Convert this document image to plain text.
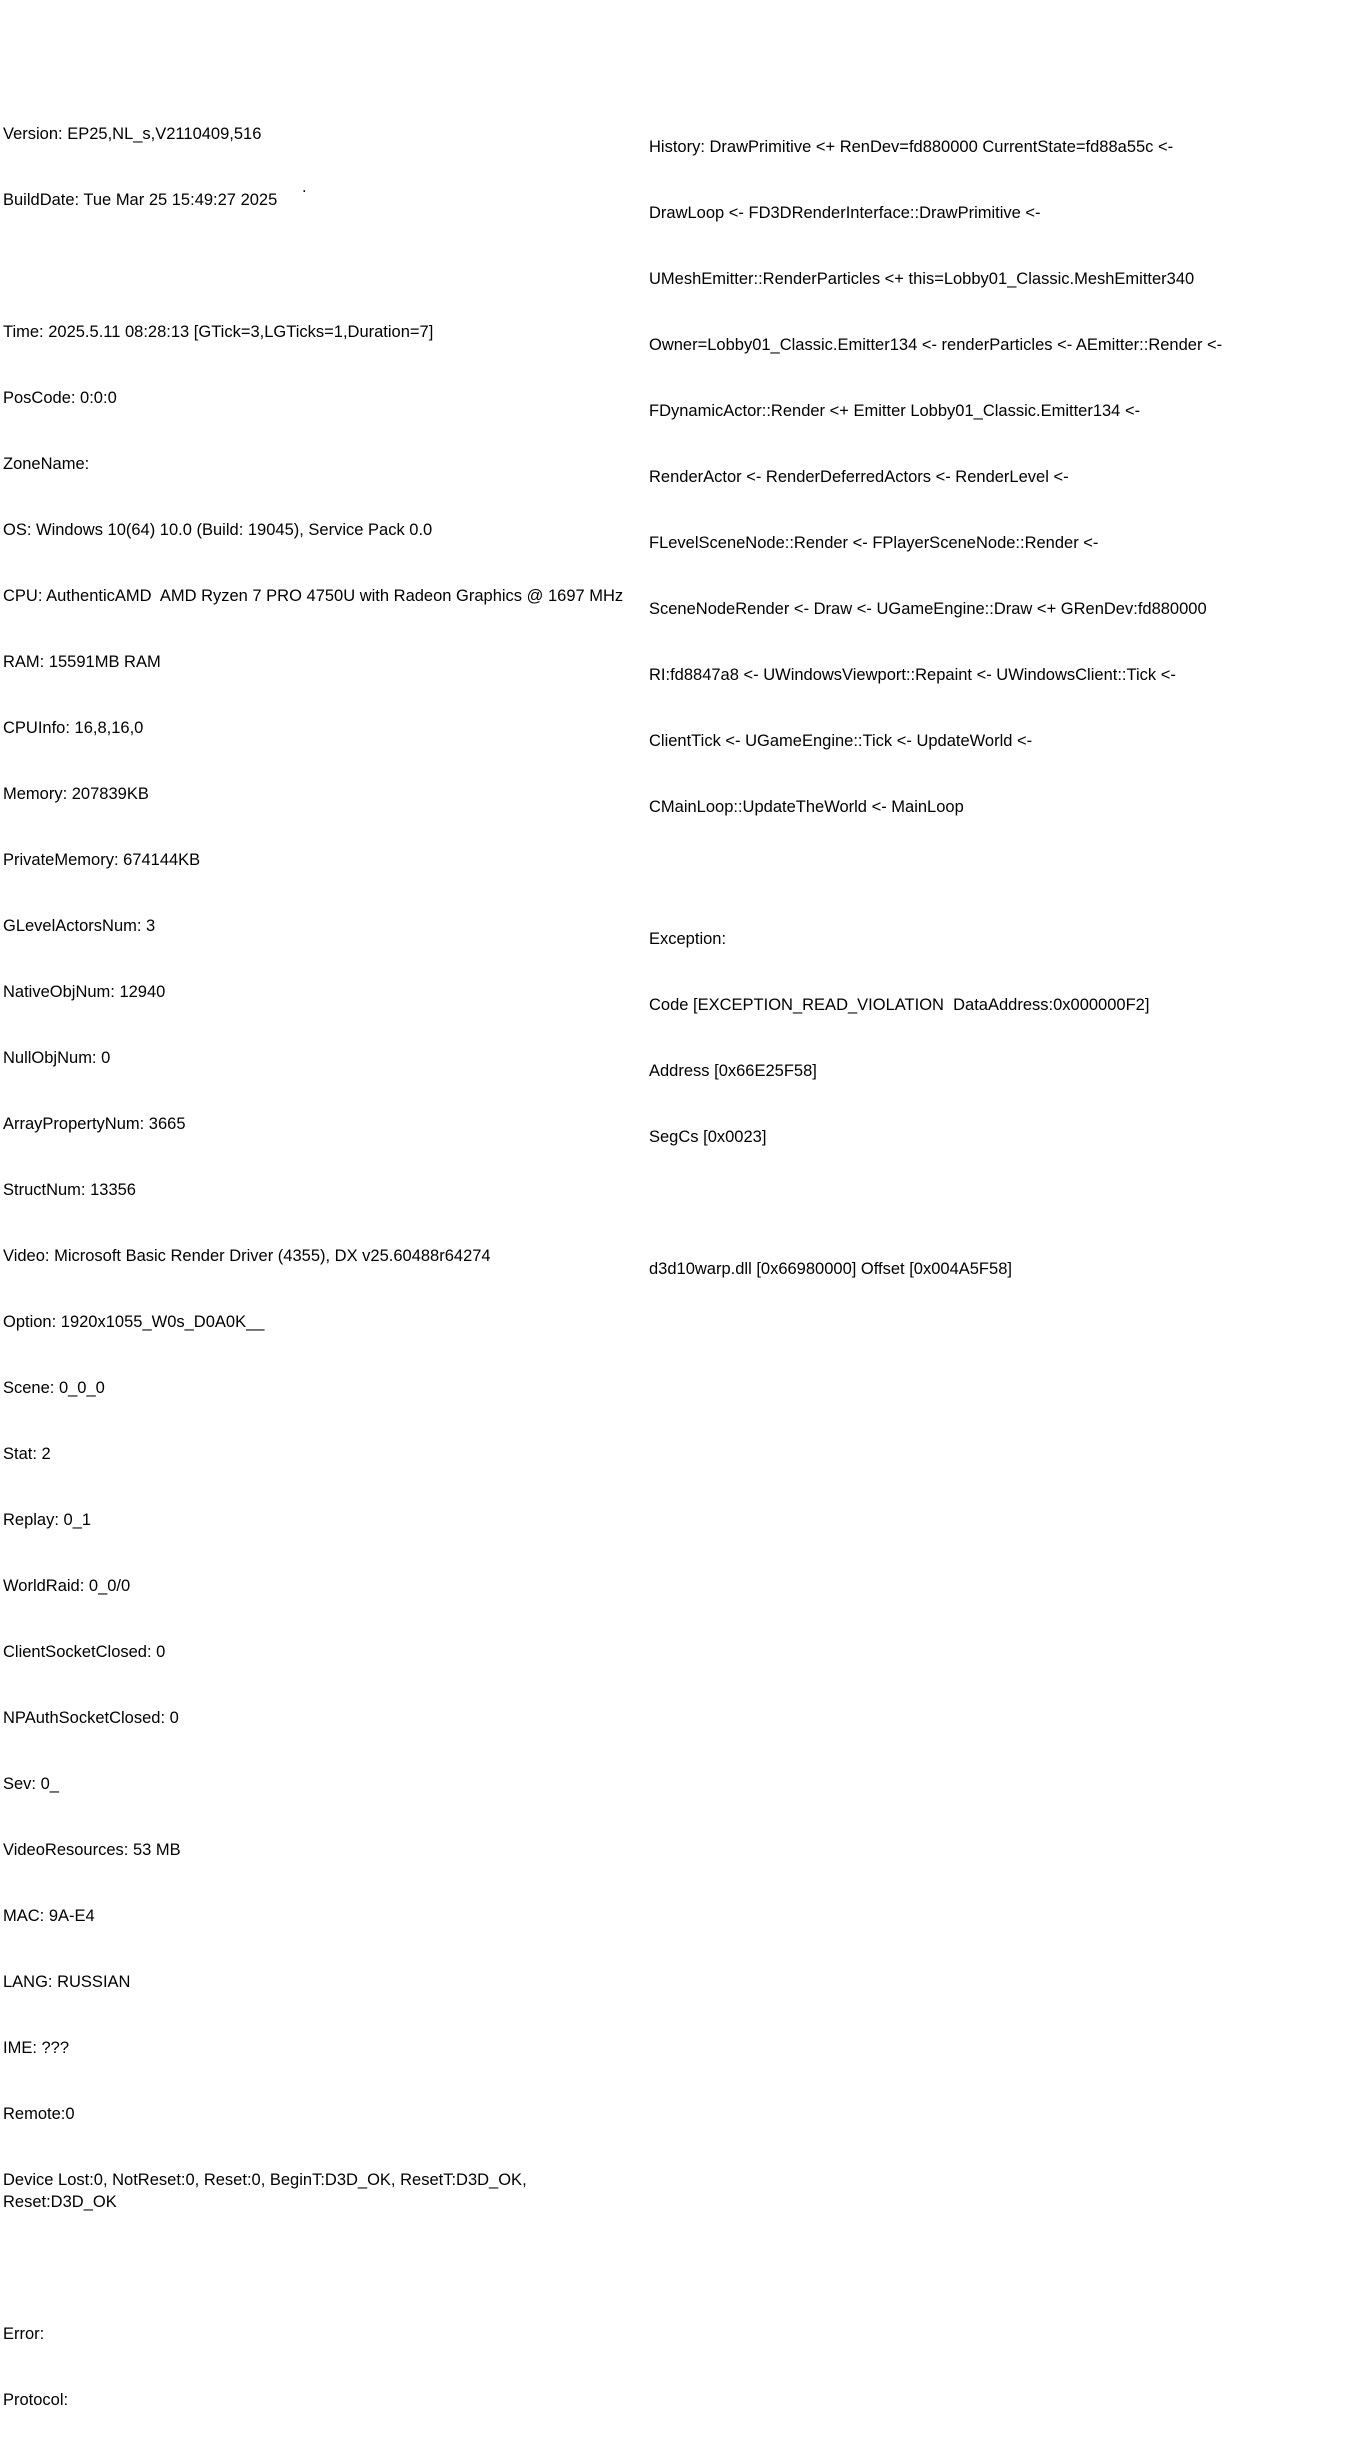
Version: EP25,NL_s,V2110409,516

BuildDate: Tue Mar 25 15:49:27 2025

Time: 2025.5.11 08:28:13 [GTick=3,LGTicks=1,Duration=7]

PosCode: 0:0:0

ZoneName:

OS: Windows 10(64) 10.0 (Build: 19045), Service Pack 0.0

CPU: AuthenticAMD  AMD Ryzen 7 PRO 4750U with Radeon Graphics @ 1697 MHz

RAM: 15591MB RAM

CPUInfo: 16,8,16,0

Memory: 207839KB

PrivateMemory: 674144KB

GLevelActorsNum: 3

NativeObjNum: 12940

NullObjNum: 0

ArrayPropertyNum: 3665

StructNum: 13356

Video: Microsoft Basic Render Driver (4355), DX v25.60488r64274

Option: 1920x1055_W0s_D0A0K__

Scene: 0_0_0

Stat: 2

Replay: 0_1

WorldRaid: 0_0/0

ClientSocketClosed: 0

NPAuthSocketClosed: 0

Sev: 0_

VideoResources: 53 MB

MAC: 9A-E4

LANG: RUSSIAN

IME: ???

Remote:0

Device Lost:0, NotReset:0, Reset:0, BeginT:D3D_OK, ResetT:D3D_OK, Reset:D3D_OK

Error:

Protocol:

.

History: DrawPrimitive <+ RenDev=fd880000 CurrentState=fd88a55c <-

DrawLoop <- FD3DRenderInterface::DrawPrimitive <-

UMeshEmitter::RenderParticles <+ this=Lobby01_Classic.MeshEmitter340

Owner=Lobby01_Classic.Emitter134 <- renderParticles <- AEmitter::Render <-

FDynamicActor::Render <+ Emitter Lobby01_Classic.Emitter134 <-

RenderActor <- RenderDeferredActors <- RenderLevel <-

FLevelSceneNode::Render <- FPlayerSceneNode::Render <-

SceneNodeRender <- Draw <- UGameEngine::Draw <+ GRenDev:fd880000

RI:fd8847a8 <- UWindowsViewport::Repaint <- UWindowsClient::Tick <-

ClientTick <- UGameEngine::Tick <- UpdateWorld <-

CMainLoop::UpdateTheWorld <- MainLoop

Exception:

Code [EXCEPTION_READ_VIOLATION  DataAddress:0x000000F2]

Address [0x66E25F58]

SegCs [0x0023]

d3d10warp.dll [0x66980000] Offset [0x004A5F58]
